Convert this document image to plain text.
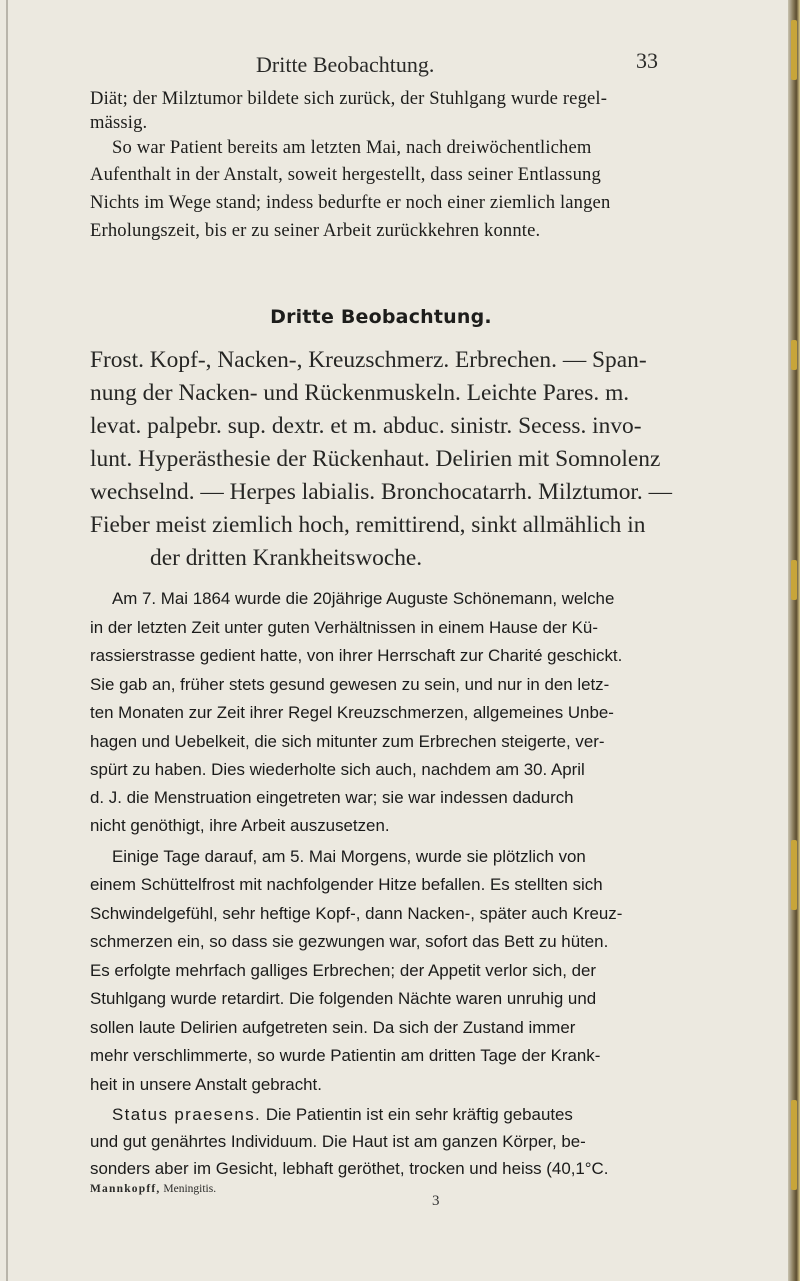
Dritte Beobachtung.	33
Diät; der Milztumor bildete sich zurück, der Stuhlgang wurde regel-
mässig.
So war Patient bereits am letzten Mai, nach dreiwöchentlichem
Aufenthalt in der Anstalt, soweit hergestellt, dass seiner Entlassung
Nichts im Wege stand; indess bedurfte er noch einer ziemlich langen
Erholungszeit, bis er zu seiner Arbeit zurückkehren konnte.
Dritte Beobachtung.
Frost. Kopf-, Nacken-, Kreuzschmerz. Erbrechen. — Span-
nung der Nacken- und Rückenmuskeln. Leichte Pares. m.
levat. palpebr. sup. dextr. et m. abduc. sinistr. Secess. invo-
lunt. Hyperästhesie der Rückenhaut. Delirien mit Somnolenz
wechselnd. — Herpes labialis. Bronchocatarrh. Milztumor. —
Fieber meist ziemlich hoch, remittirend, sinkt allmählich in
der dritten Krankheitswoche.
Am 7. Mai 1864 wurde die 20jährige Auguste Schönemann, welche
in der letzten Zeit unter guten Verhältnissen in einem Hause der Kü-
rassierstrasse gedient hatte, von ihrer Herrschaft zur Charité geschickt.
Sie gab an, früher stets gesund gewesen zu sein, und nur in den letz-
ten Monaten zur Zeit ihrer Regel Kreuzschmerzen, allgemeines Unbe-
hagen und Uebelkeit, die sich mitunter zum Erbrechen steigerte, ver-
spürt zu haben. Dies wiederholte sich auch, nachdem am 30. April
d. J. die Menstruation eingetreten war; sie war indessen dadurch
nicht genöthigt, ihre Arbeit auszusetzen.
Einige Tage darauf, am 5. Mai Morgens, wurde sie plötzlich von
einem Schüttelfrost mit nachfolgender Hitze befallen. Es stellten sich
Schwindelgefühl, sehr heftige Kopf-, dann Nacken-, später auch Kreuz-
schmerzen ein, so dass sie gezwungen war, sofort das Bett zu hüten.
Es erfolgte mehrfach galliges Erbrechen; der Appetit verlor sich, der
Stuhlgang wurde retardirt. Die folgenden Nächte waren unruhig und
sollen laute Delirien aufgetreten sein. Da sich der Zustand immer
mehr verschlimmerte, so wurde Patientin am dritten Tage der Krank-
heit in unsere Anstalt gebracht.
Status praesens. Die Patientin ist ein sehr kräftig gebautes
und gut genährtes Individuum. Die Haut ist am ganzen Körper, be-
sonders aber im Gesicht, lebhaft geröthet, trocken und heiss (40,1°C.
Mannkopff, Meningitis.
3
